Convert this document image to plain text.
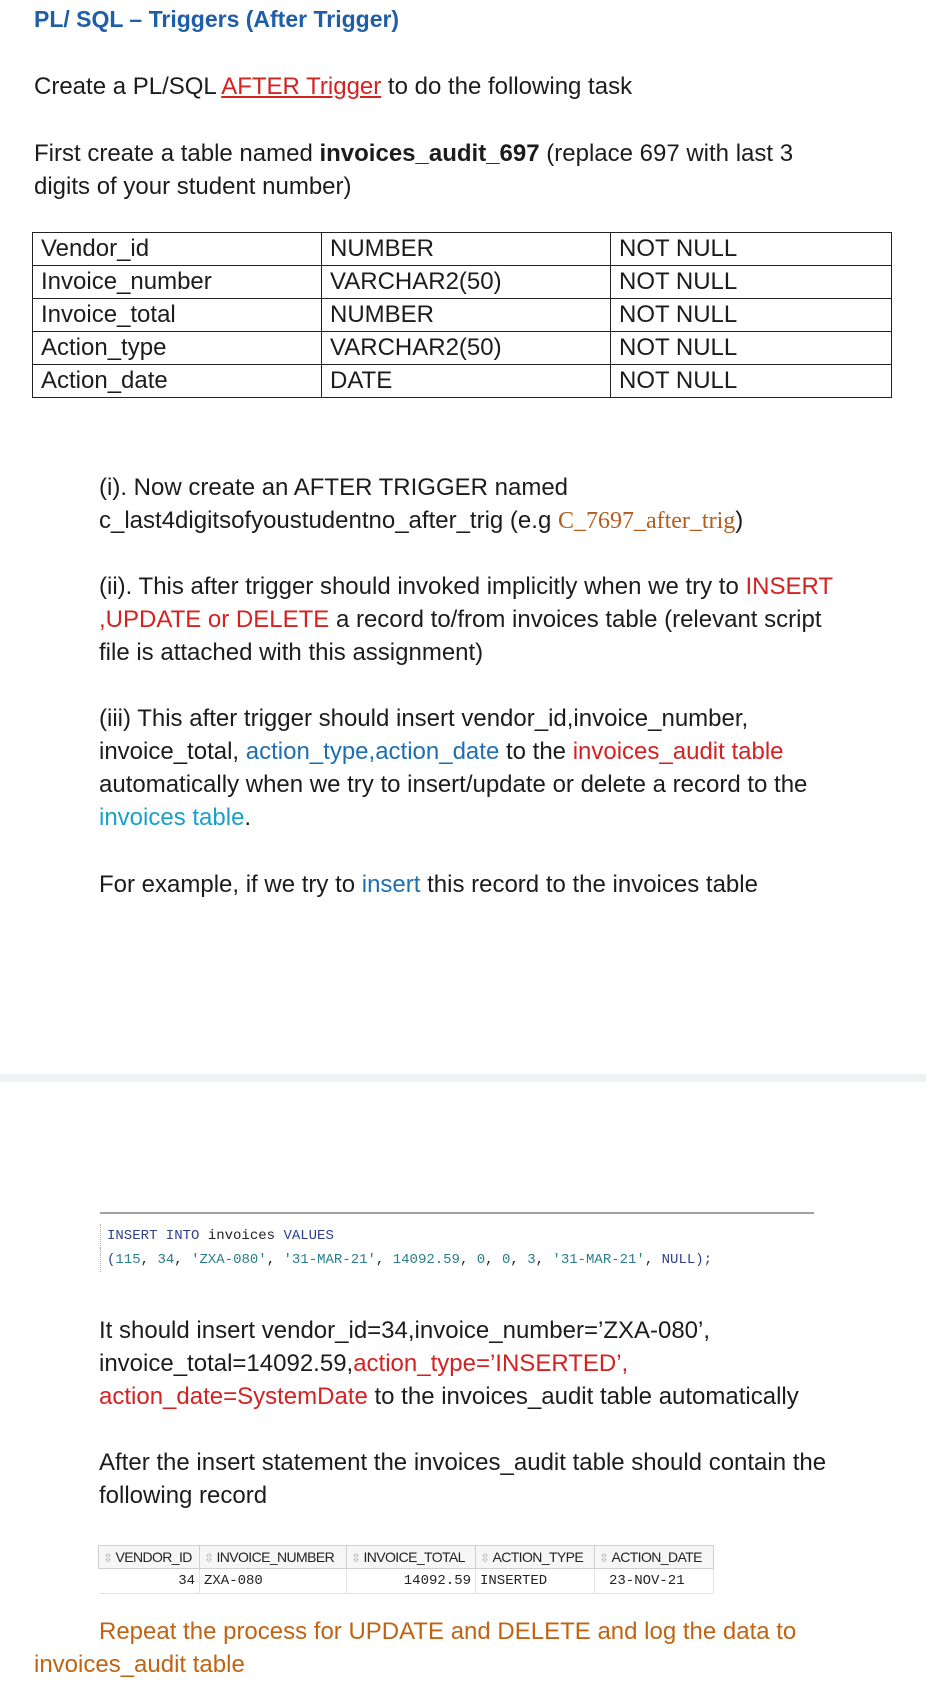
PL/ SQL – Triggers (After Trigger)
Create a PL/SQL AFTER Trigger to do the following task
First create a table named invoices_audit_697 (replace 697 with last 3
digits of your student number)
Vendor_id	NUMBER	NOT NULL
Invoice_number	VARCHAR2(50)	NOT NULL
Invoice_total	NUMBER	NOT NULL
Action_type	VARCHAR2(50)	NOT NULL
Action_date	DATE	NOT NULL
(i). Now create an AFTER TRIGGER named
c_last4digitsofyoustudentno_after_trig (e.g C_7697_after_trig)
(ii). This after trigger should invoked implicitly when we try to INSERT
,UPDATE or DELETE a record to/from invoices table (relevant script
file is attached with this assignment)
(iii) This after trigger should insert vendor_id,invoice_number,
invoice_total, action_type,action_date to the invoices_audit table
automatically when we try to insert/update or delete a record to the
invoices table.
For example, if we try to insert this record to the invoices table
INSERT INTO invoices VALUES
(115, 34, 'ZXA-080', '31-MAR-21', 14092.59, 0, 0, 3, '31-MAR-21', NULL);
It should insert vendor_id=34,invoice_number=’ZXA-080’,
invoice_total=14092.59,action_type=’INSERTED’,
action_date=SystemDate to the invoices_audit table automatically
After the insert statement the invoices_audit table should contain the
following record
⇳ VENDOR_ID	⇳ INVOICE_NUMBER	⇳ INVOICE_TOTAL	⇳ ACTION_TYPE	⇳ ACTION_DATE
34	ZXA-080	14092.59	INSERTED	23-NOV-21
Repeat the process for UPDATE and DELETE and log the data to
invoices_audit table
